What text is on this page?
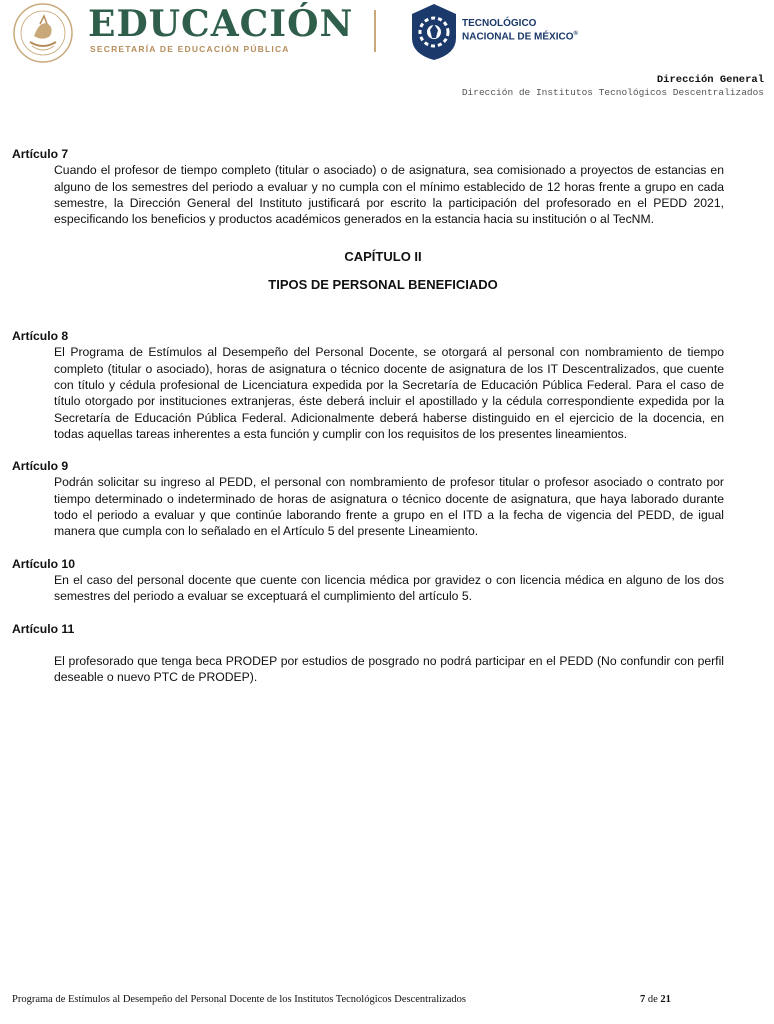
EDUCACIÓN
SECRETARÍA DE EDUCACIÓN PÚBLICA
TECNOLÓGICO
NACIONAL DE MÉXICO®
Dirección General
Dirección de Institutos Tecnológicos Descentralizados

Artículo 7

Cuando el profesor de tiempo completo (titular o asociado) o de asignatura, sea comisionado a proyectos de estancias en alguno de los semestres del periodo a evaluar y no cumpla con el mínimo establecido de 12 horas frente a grupo en cada semestre, la Dirección General del Instituto justificará por escrito la participación del profesorado en el PEDD 2021, especificando los beneficios y productos académicos generados en la estancia hacia su institución o al TecNM.

CAPÍTULO II

TIPOS DE PERSONAL BENEFICIADO

Artículo 8

El Programa de Estímulos al Desempeño del Personal Docente, se otorgará al personal con nombramiento de tiempo completo (titular o asociado), horas de asignatura o técnico docente de asignatura de los IT Descentralizados, que cuente con título y cédula profesional de Licenciatura expedida por la Secretaría de Educación Pública Federal. Para el caso de título otorgado por instituciones extranjeras, éste deberá incluir el apostillado y la cédula correspondiente expedida por la Secretaría de Educación Pública Federal. Adicionalmente deberá haberse distinguido en el ejercicio de la docencia, en todas aquellas tareas inherentes a esta función y cumplir con los requisitos de los presentes lineamientos.

Artículo 9

Podrán solicitar su ingreso al PEDD, el personal con nombramiento de profesor titular o profesor asociado o contrato por tiempo determinado o indeterminado de horas de asignatura o técnico docente de asignatura, que haya laborado durante todo el periodo a evaluar y que continúe laborando frente a grupo en el ITD a la fecha de vigencia del PEDD, de igual manera que cumpla con lo señalado en el Artículo 5 del presente Lineamiento.

Artículo 10

En el caso del personal docente que cuente con licencia médica por gravidez o con licencia médica en alguno de los dos semestres del periodo a evaluar se exceptuará el cumplimiento del artículo 5.

Artículo 11

El profesorado que tenga beca PRODEP por estudios de posgrado no podrá participar en el PEDD (No confundir con perfil deseable o nuevo PTC de PRODEP).

Programa de Estímulos al Desempeño del Personal Docente de los Institutos Tecnológicos Descentralizados	7 de 21
